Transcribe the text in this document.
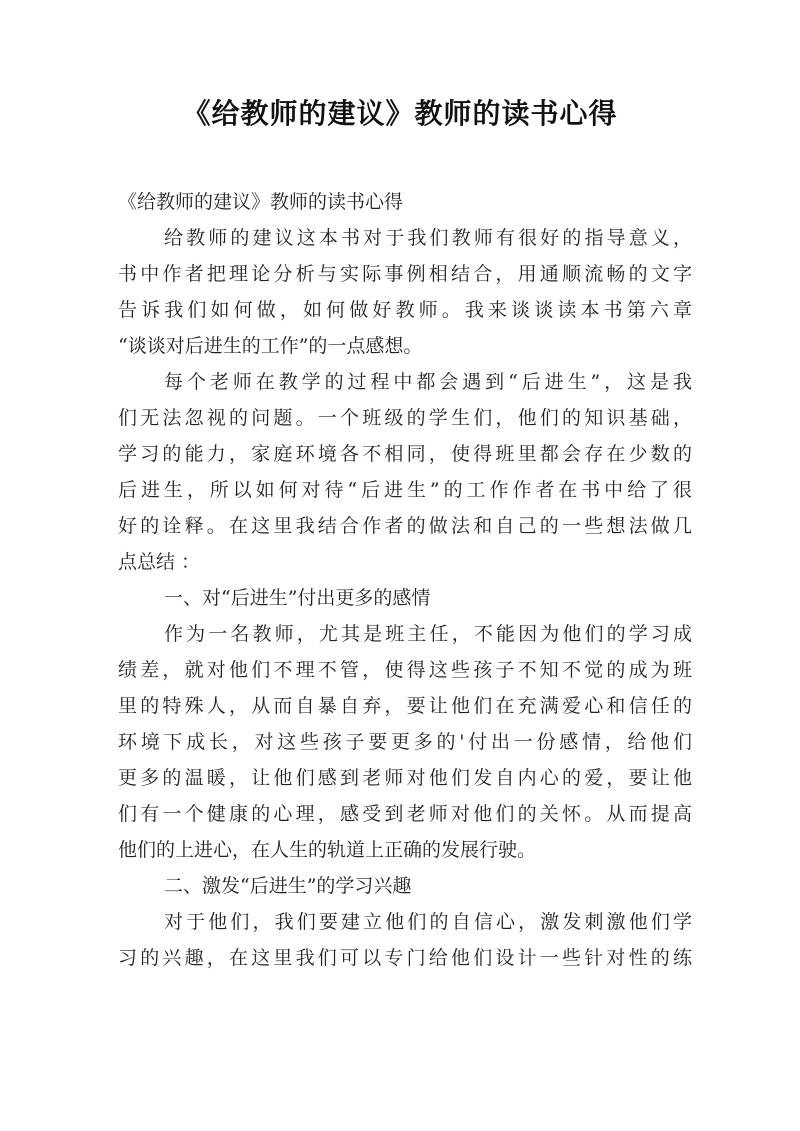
《给教师的建议》教师的读书心得
《给教师的建议》教师的读书心得
给教师的建议这本书对于我们教师有很好的指导意义，
书中作者把理论分析与实际事例相结合，用通顺流畅的文字
告诉我们如何做，如何做好教师。我来谈谈读本书第六章
“谈谈对后进生的工作”的一点感想。
每个老师在教学的过程中都会遇到“后进生”，这是我
们无法忽视的问题。一个班级的学生们，他们的知识基础，
学习的能力，家庭环境各不相同，使得班里都会存在少数的
后进生，所以如何对待“后进生”的工作作者在书中给了很
好的诠释。在这里我结合作者的做法和自己的一些想法做几
点总结 ：
一、对“后进生”付出更多的感情
作为一名教师，尤其是班主任，不能因为他们的学习成
绩差，就对他们不理不管，使得这些孩子不知不觉的成为班
里的特殊人，从而自暴自弃，要让他们在充满爱心和信任的
环境下成长，对这些孩子要更多的'付出一份感情，给他们
更多的温暖，让他们感到老师对他们发自内心的爱，要让他
们有一个健康的心理，感受到老师对他们的关怀。从而提高
他们的上进心，在人生的轨道上正确的发展行驶。
二、激发“后进生”的学习兴趣
对于他们，我们要建立他们的自信心，激发刺激他们学
习的兴趣，在这里我们可以专门给他们设计一些针对性的练
